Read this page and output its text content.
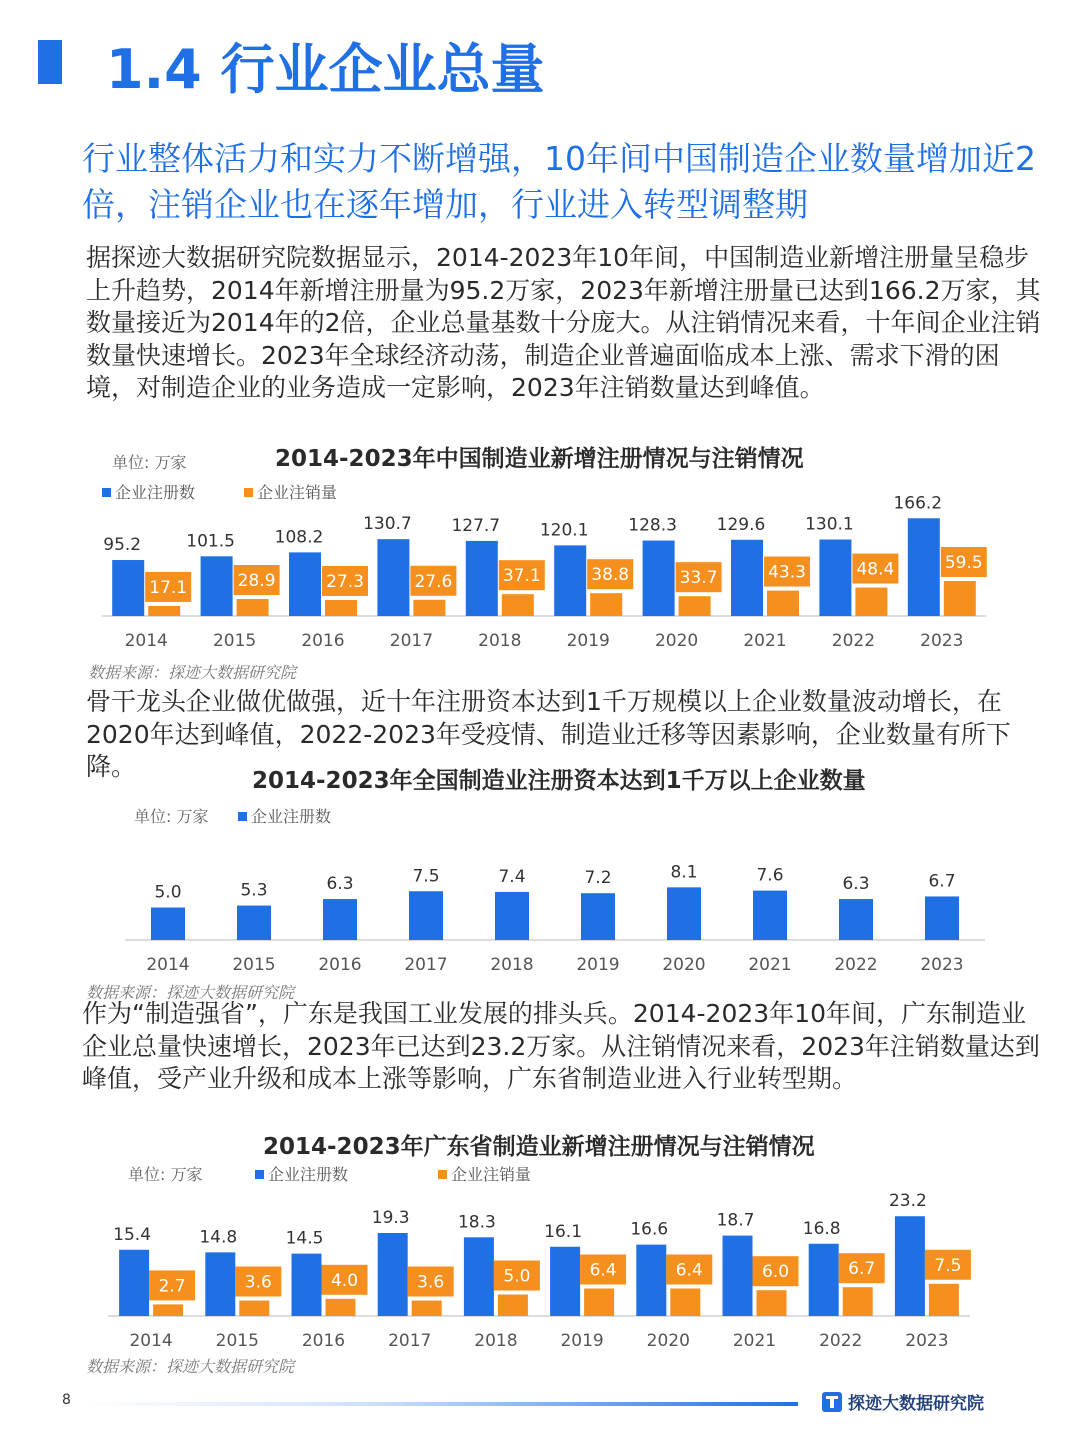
1.4 行业企业总量
行业整体活力和实力不断增强，10年间中国制造企业数量增加近2倍，注销企业也在逐年增加，行业进入转型调整期
据探迹大数据研究院数据显示，2014-2023年10年间，中国制造业新增注册量呈稳步上升趋势，2014年新增注册量为95.2万家，2023年新增注册量已达到166.2万家，其数量接近为2014年的2倍，企业总量基数十分庞大。从注销情况来看，十年间企业注销数量快速增长。2023年全球经济动荡，制造企业普遍面临成本上涨、需求下滑的困境，对制造企业的业务造成一定影响，2023年注销数量达到峰值。
2014-2023年中国制造业新增注册情况与注销情况
单位: 万家
企业注册数	企业注销量
2014
95.2
17.1
2015
101.5
28.9
2016
108.2
27.3
2017
130.7
27.6
2018
127.7
37.1
2019
120.1
38.8
2020
128.3
33.7
2021
129.6
43.3
2022
130.1
48.4
2023
166.2
59.5
数据来源：探迹大数据研究院
骨干龙头企业做优做强，近十年注册资本达到1千万规模以上企业数量波动增长，在2020年达到峰值，2022-2023年受疫情、制造业迁移等因素影响，企业数量有所下降。	2014-2023年全国制造业注册资本达到1千万以上企业数量
单位: 万家	企业注册数
2014
5.0
2015
5.3
2016
6.3
2017
7.5
2018
7.4
2019
7.2
2020
8.1
2021
7.6
2022
6.3
2023
6.7
数据来源：探迹大数据研究院
作为“制造强省”，广东是我国工业发展的排头兵。2014-2023年10年间，广东制造业企业总量快速增长，2023年已达到23.2万家。从注销情况来看，2023年注销数量达到峰值，受产业升级和成本上涨等影响，广东省制造业进入行业转型期。
2014-2023年广东省制造业新增注册情况与注销情况
单位: 万家	企业注册数	企业注销量
2014
15.4
2.7
2015
14.8
3.6
2016
14.5
4.0
2017
19.3
3.6
2018
18.3
5.0
2019
16.1
6.4
2020
16.6
6.4
2021
18.7
6.0
2022
16.8
6.7
2023
23.2
7.5
数据来源：探迹大数据研究院
8	探迹大数据研究院
